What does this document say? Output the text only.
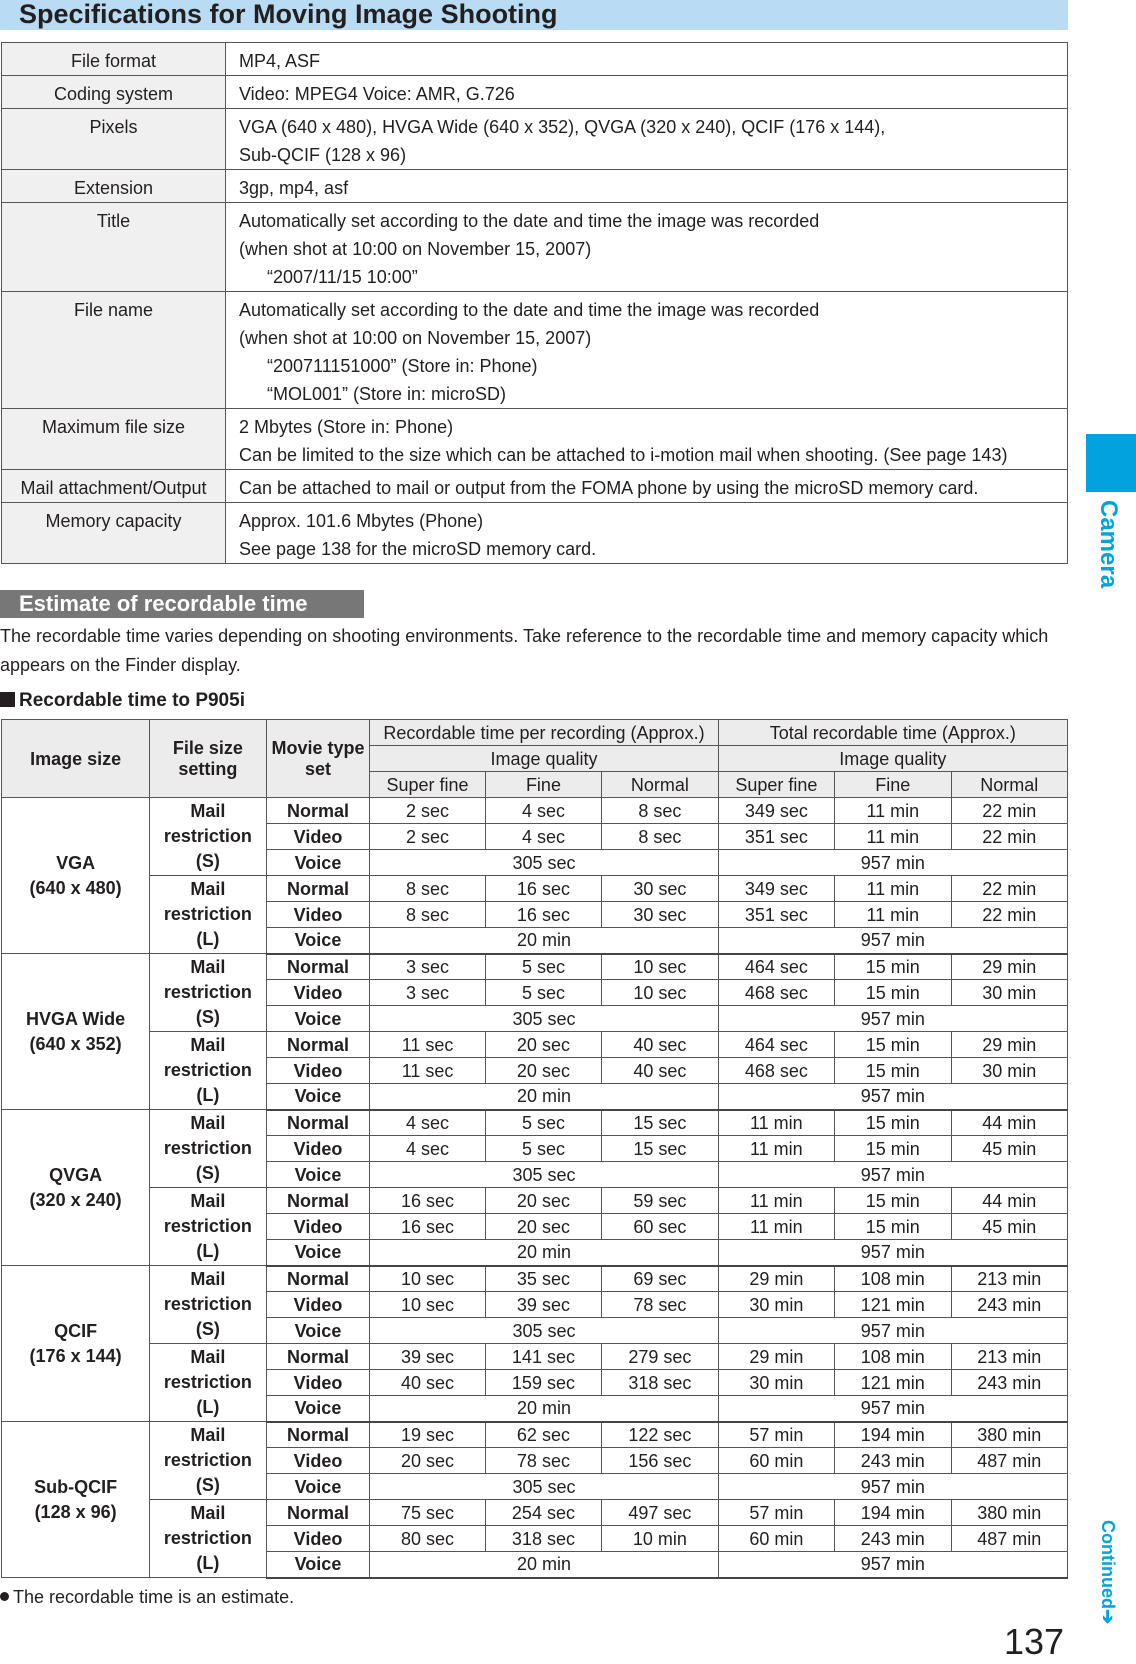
Specifications for Moving Image Shooting
File format	MP4, ASF

Coding system	Video: MPEG4 Voice: AMR, G.726

Pixels	VGA (640 x 480), HVGA Wide (640 x 352), QVGA (320 x 240), QCIF (176 x 144),
Sub-QCIF (128 x 96)

Extension	3gp, mp4, asf

Title	Automatically set according to the date and time the image was recorded
(when shot at 10:00 on November 15, 2007)
“2007/11/15 10:00”

File name	Automatically set according to the date and time the image was recorded
(when shot at 10:00 on November 15, 2007)
“200711151000” (Store in: Phone)
“MOL001” (Store in: microSD)

Maximum file size	2 Mbytes (Store in: Phone)
Can be limited to the size which can be attached to i-motion mail when shooting. (See page 143)

Mail attachment/Output	Can be attached to mail or output from the FOMA phone by using the microSD memory card.

Memory capacity	Approx. 101.6 Mbytes (Phone)
See page 138 for the microSD memory card.
Estimate of recordable time
The recordable time varies depending on shooting environments. Take reference to the recordable time and memory capacity which appears on the Finder display.
Recordable time to P905i
Image size	File size setting	Movie type set	Recordable time per recording (Approx.)			Total recordable time (Approx.)		
			Image quality			Image quality		
			Super fine	Fine	Normal	Super fine	Fine	Normal

VGA
(640 x 480)	Mail restriction (S)	Normal	2 sec	4 sec	8 sec	349 sec	11 min	22 min
		Video	2 sec	4 sec	8 sec	351 sec	11 min	22 min
		Voice	305 sec			957 min		
	Mail restriction (L)	Normal	8 sec	16 sec	30 sec	349 sec	11 min	22 min
		Video	8 sec	16 sec	30 sec	351 sec	11 min	22 min
		Voice	20 min			957 min		

HVGA Wide
(640 x 352)	Mail restriction (S)	Normal	3 sec	5 sec	10 sec	464 sec	15 min	29 min
		Video	3 sec	5 sec	10 sec	468 sec	15 min	30 min
		Voice	305 sec			957 min		
	Mail restriction (L)	Normal	11 sec	20 sec	40 sec	464 sec	15 min	29 min
		Video	11 sec	20 sec	40 sec	468 sec	15 min	30 min
		Voice	20 min			957 min		

QVGA
(320 x 240)	Mail restriction (S)	Normal	4 sec	5 sec	15 sec	11 min	15 min	44 min
		Video	4 sec	5 sec	15 sec	11 min	15 min	45 min
		Voice	305 sec			957 min		
	Mail restriction (L)	Normal	16 sec	20 sec	59 sec	11 min	15 min	44 min
		Video	16 sec	20 sec	60 sec	11 min	15 min	45 min
		Voice	20 min			957 min		

QCIF
(176 x 144)	Mail restriction (S)	Normal	10 sec	35 sec	69 sec	29 min	108 min	213 min
		Video	10 sec	39 sec	78 sec	30 min	121 min	243 min
		Voice	305 sec			957 min		
	Mail restriction (L)	Normal	39 sec	141 sec	279 sec	29 min	108 min	213 min
		Video	40 sec	159 sec	318 sec	30 min	121 min	243 min
		Voice	20 min			957 min		

Sub-QCIF
(128 x 96)	Mail restriction (S)	Normal	19 sec	62 sec	122 sec	57 min	194 min	380 min
		Video	20 sec	78 sec	156 sec	60 min	243 min	487 min
		Voice	305 sec			957 min		
	Mail restriction (L)	Normal	75 sec	254 sec	497 sec	57 min	194 min	380 min
		Video	80 sec	318 sec	10 min	60 min	243 min	487 min
		Voice	20 min			957 min		
The recordable time is an estimate.
Camera
Continued➔
137
